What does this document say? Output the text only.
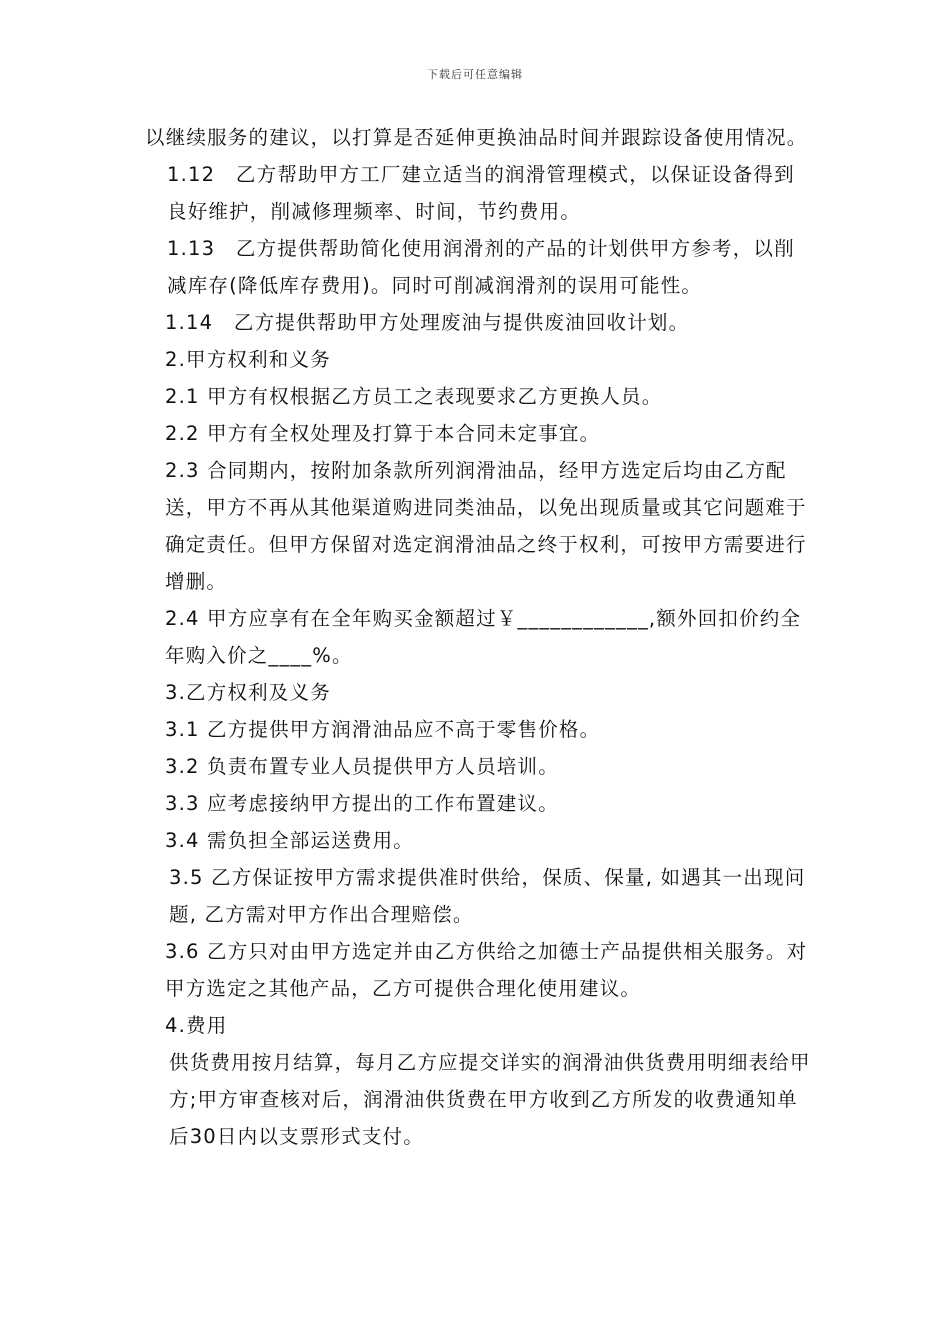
下载后可任意编辑

以继续服务的建议，以打算是否延伸更换油品时间并跟踪设备使用情况。

1.12　乙方帮助甲方工厂建立适当的润滑管理模式，以保证设备得到良好维护，削减修理频率、时间，节约费用。

1.13　乙方提供帮助简化使用润滑剂的产品的计划供甲方参考，以削减库存(降低库存费用)。同时可削减润滑剂的误用可能性。

1.14　乙方提供帮助甲方处理废油与提供废油回收计划。

2.甲方权利和义务

2.1 甲方有权根据乙方员工之表现要求乙方更换人员。

2.2 甲方有全权处理及打算于本合同未定事宜。

2.3 合同期内，按附加条款所列润滑油品，经甲方选定后均由乙方配送，甲方不再从其他渠道购进同类油品，以免出现质量或其它问题难于确定责任。但甲方保留对选定润滑油品之终于权利，可按甲方需要进行增删。

2.4 甲方应享有在全年购买金额超过￥____________,额外回扣价约全年购入价之____%。

3.乙方权利及义务

3.1 乙方提供甲方润滑油品应不高于零售价格。

3.2 负责布置专业人员提供甲方人员培训。

3.3 应考虑接纳甲方提出的工作布置建议。

3.4 需负担全部运送费用。

3.5 乙方保证按甲方需求提供准时供给，保质、保量, 如遇其一出现问题, 乙方需对甲方作出合理赔偿。

3.6 乙方只对由甲方选定并由乙方供给之加德士产品提供相关服务。对甲方选定之其他产品，乙方可提供合理化使用建议。

4.费用

供货费用按月结算，每月乙方应提交详实的润滑油供货费用明细表给甲方;甲方审查核对后，润滑油供货费在甲方收到乙方所发的收费通知单后30日内以支票形式支付。
